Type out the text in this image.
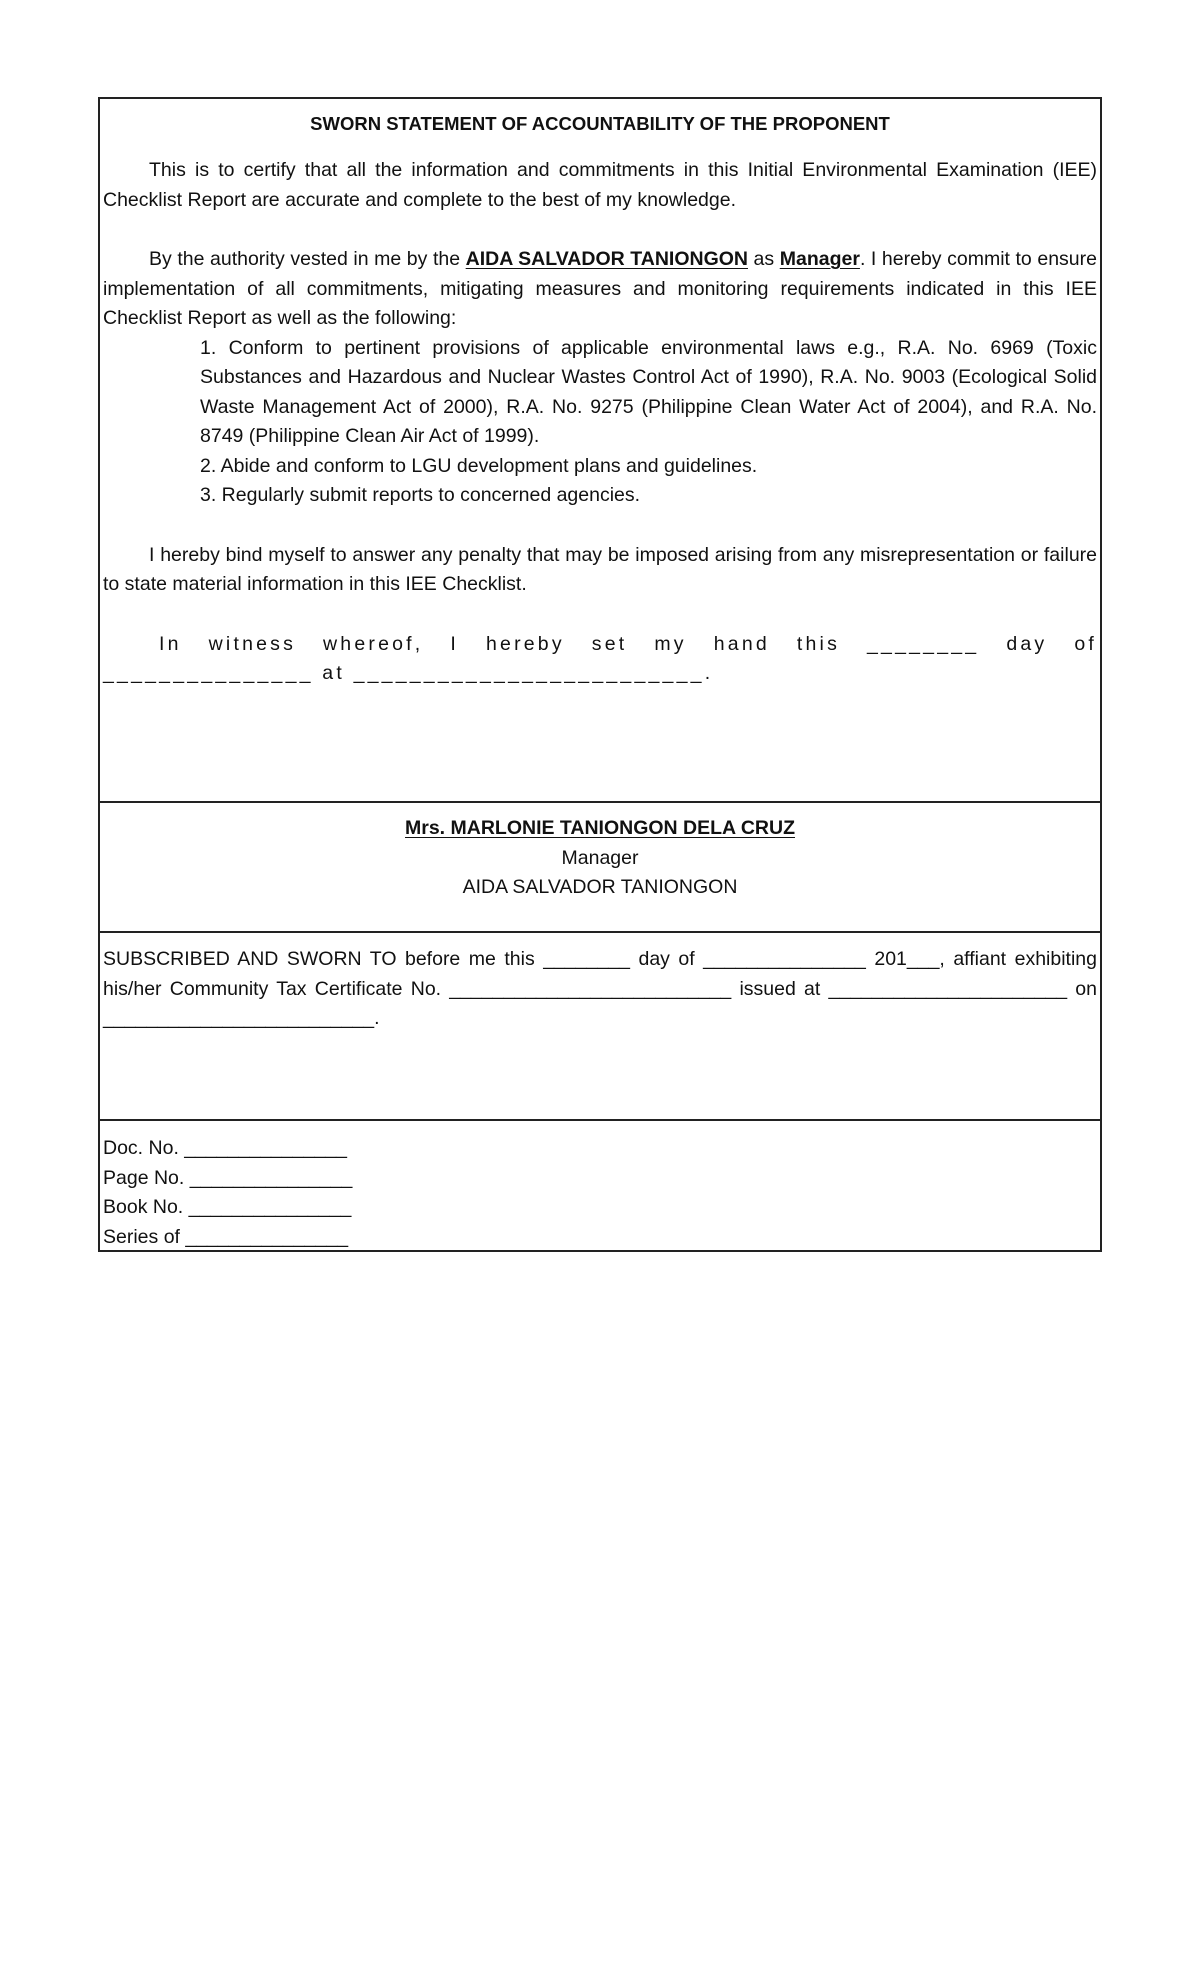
SWORN STATEMENT OF ACCOUNTABILITY OF THE PROPONENT

This is to certify that all the information and commitments in this Initial Environmental Examination (IEE) Checklist Report are accurate and complete to the best of my knowledge.

By the authority vested in me by the AIDA SALVADOR TANIONGON as Manager. I hereby commit to ensure implementation of all commitments, mitigating measures and monitoring requirements indicated in this IEE Checklist Report as well as the following:

1. Conform to pertinent provisions of applicable environmental laws e.g., R.A. No. 6969 (Toxic Substances and Hazardous and Nuclear Wastes Control Act of 1990), R.A. No. 9003 (Ecological Solid Waste Management Act of 2000), R.A. No. 9275 (Philippine Clean Water Act of 2004), and R.A. No. 8749 (Philippine Clean Air Act of 1999).

2. Abide and conform to LGU development plans and guidelines.

3. Regularly submit reports to concerned agencies.

I hereby bind myself to answer any penalty that may be imposed arising from any misrepresentation or failure to state material information in this IEE Checklist.

In witness whereof, I hereby set my hand this ________ day of _______________ at _________________________.

Mrs. MARLONIE TANIONGON DELA CRUZ

Manager

AIDA SALVADOR TANIONGON

SUBSCRIBED AND SWORN TO before me this ________ day of _______________ 201___, affiant exhibiting his/her Community Tax Certificate No. __________________________ issued at ______________________ on _________________________.

Doc. No. _______________

Page No. _______________

Book No. _______________

Series of _______________
